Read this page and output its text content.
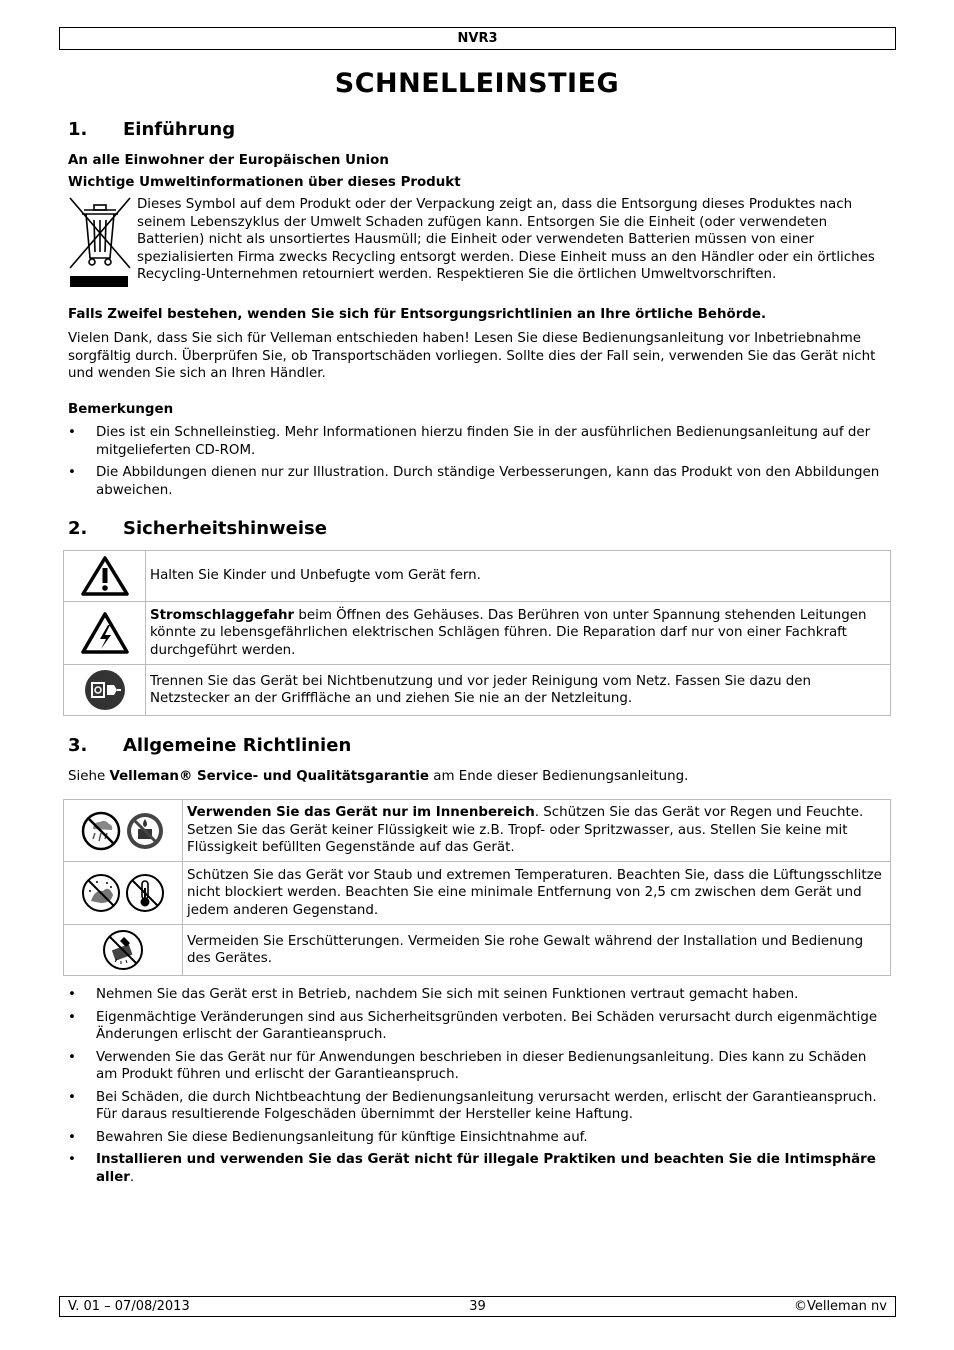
NVR3
SCHNELLEINSTIEG
1. Einführung
An alle Einwohner der Europäischen Union
Wichtige Umweltinformationen über dieses Produkt
Dieses Symbol auf dem Produkt oder der Verpackung zeigt an, dass die Entsorgung dieses Produktes nach seinem Lebenszyklus der Umwelt Schaden zufügen kann. Entsorgen Sie die Einheit (oder verwendeten Batterien) nicht als unsortiertes Hausmüll; die Einheit oder verwendeten Batterien müssen von einer spezialisierten Firma zwecks Recycling entsorgt werden. Diese Einheit muss an den Händler oder ein örtliches Recycling-Unternehmen retourniert werden. Respektieren Sie die örtlichen Umweltvorschriften.
Falls Zweifel bestehen, wenden Sie sich für Entsorgungsrichtlinien an Ihre örtliche Behörde.
Vielen Dank, dass Sie sich für Velleman entschieden haben! Lesen Sie diese Bedienungsanleitung vor Inbetriebnahme sorgfältig durch. Überprüfen Sie, ob Transportschäden vorliegen. Sollte dies der Fall sein, verwenden Sie das Gerät nicht und wenden Sie sich an Ihren Händler.
Bemerkungen
• Dies ist ein Schnelleinstieg. Mehr Informationen hierzu finden Sie in der ausführlichen Bedienungsanleitung auf der mitgelieferten CD-ROM.
• Die Abbildungen dienen nur zur Illustration. Durch ständige Verbesserungen, kann das Produkt von den Abbildungen abweichen.
2. Sicherheitshinweise
	Halten Sie Kinder und Unbefugte vom Gerät fern.

	Stromschlaggefahr beim Öffnen des Gehäuses. Das Berühren von unter Spannung stehenden Leitungen könnte zu lebensgefährlichen elektrischen Schlägen führen. Die Reparation darf nur von einer Fachkraft durchgeführt werden.

	Trennen Sie das Gerät bei Nichtbenutzung und vor jeder Reinigung vom Netz. Fassen Sie dazu den Netzstecker an der Grifffläche an und ziehen Sie nie an der Netzleitung.
3. Allgemeine Richtlinien
Siehe Velleman® Service- und Qualitätsgarantie am Ende dieser Bedienungsanleitung.
	Verwenden Sie das Gerät nur im Innenbereich. Schützen Sie das Gerät vor Regen und Feuchte. Setzen Sie das Gerät keiner Flüssigkeit wie z.B. Tropf- oder Spritzwasser, aus. Stellen Sie keine mit Flüssigkeit befüllten Gegenstände auf das Gerät.

	Schützen Sie das Gerät vor Staub und extremen Temperaturen. Beachten Sie, dass die Lüftungsschlitze nicht blockiert werden. Beachten Sie eine minimale Entfernung von 2,5 cm zwischen dem Gerät und jedem anderen Gegenstand.

	Vermeiden Sie Erschütterungen. Vermeiden Sie rohe Gewalt während der Installation und Bedienung des Gerätes.
• Nehmen Sie das Gerät erst in Betrieb, nachdem Sie sich mit seinen Funktionen vertraut gemacht haben.
• Eigenmächtige Veränderungen sind aus Sicherheitsgründen verboten. Bei Schäden verursacht durch eigenmächtige Änderungen erlischt der Garantieanspruch.
• Verwenden Sie das Gerät nur für Anwendungen beschrieben in dieser Bedienungsanleitung. Dies kann zu Schäden am Produkt führen und erlischt der Garantieanspruch.
• Bei Schäden, die durch Nichtbeachtung der Bedienungsanleitung verursacht werden, erlischt der Garantieanspruch. Für daraus resultierende Folgeschäden übernimmt der Hersteller keine Haftung.
• Bewahren Sie diese Bedienungsanleitung für künftige Einsichtnahme auf.
• Installieren und verwenden Sie das Gerät nicht für illegale Praktiken und beachten Sie die Intimsphäre aller.
V. 01 – 07/08/2013	39	©Velleman nv
